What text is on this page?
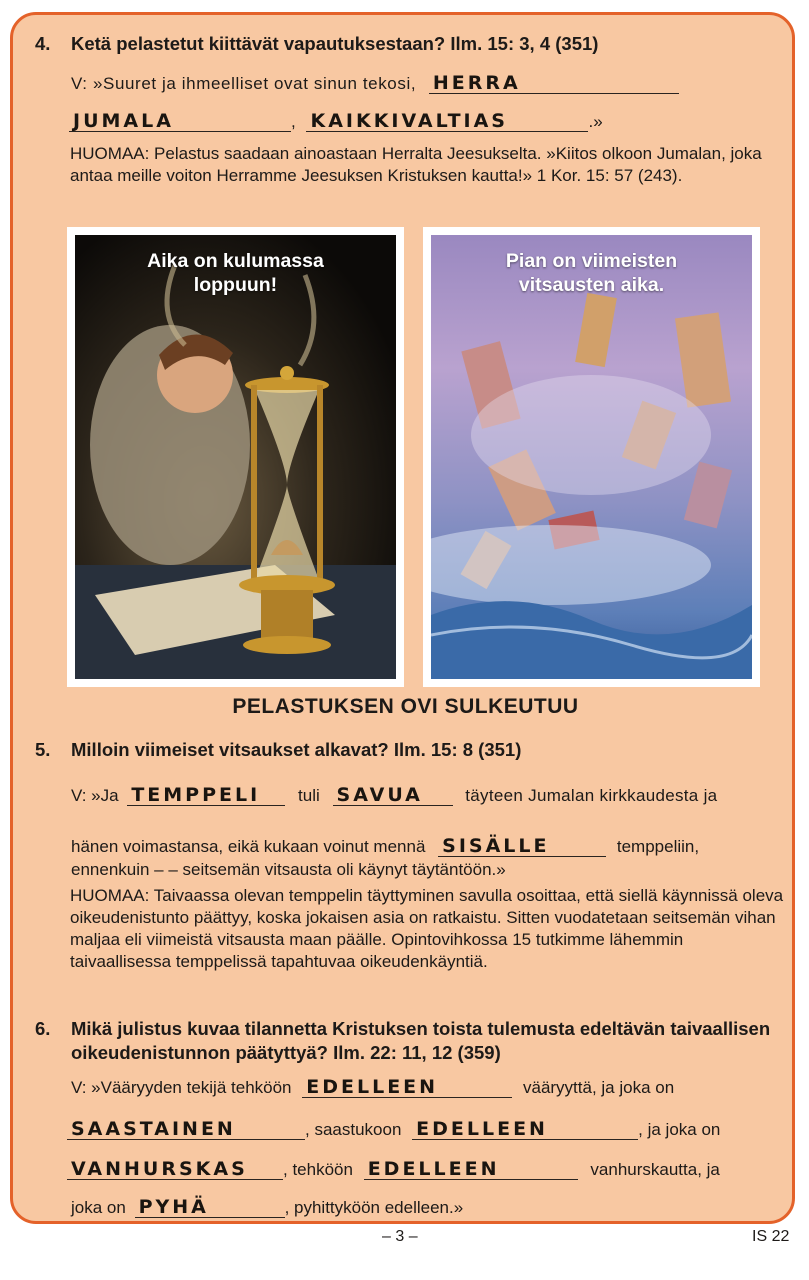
4. Ketä pelastetut kiittävät vapautuksestaan? Ilm. 15: 3, 4 (351)
V: »Suuret ja ihmeelliset ovat sinun tekosi, HERRA
JUMALA	, KAIKKIVALTIAS	.»
HUOMAA: Pelastus saadaan ainoastaan Herralta Jeesukselta. »Kiitos olkoon Jumalan, joka antaa meille voiton Herramme Jeesuksen Kristuksen kautta!» 1 Kor. 15: 57 (243).
Aika on kulumassa loppuun!
Pian on viimeisten vitsausten aika.
PELASTUKSEN OVI SULKEUTUU
5. Milloin viimeiset vitsaukset alkavat? Ilm. 15: 8 (351)
V: »Ja TEMPPELI tuli SAVUA täyteen Jumalan kirkkaudesta ja
hänen voimastansa, eikä kukaan voinut mennä SISÄLLE	temppeliin,
ennenkuin – – seitsemän vitsausta oli käynyt täytäntöön.»
HUOMAA: Taivaassa olevan temppelin täyttyminen savulla osoittaa, että siellä käynnissä oleva oikeudenistunto päättyy, koska jokaisen asia on ratkaistu. Sitten vuodatetaan seitsemän vihan maljaa eli viimeistä vitsausta maan päälle. Opintovihkossa 15 tutkimme lähemmin taivaallisessa temppelissä tapahtuvaa oikeudenkäyntiä.
6. Mikä julistus kuvaa tilannetta Kristuksen toista tulemusta edeltävän taivaallisen oikeudenistunnon päätyttyä? Ilm. 22: 11, 12 (359)
V: »Vääryyden tekijä tehköön EDELLEEN	vääryyttä, ja joka on
SAASTAINEN	, saastukoon EDELLEEN	, ja joka on
VANHURSKAS , tehköön EDELLEEN	vanhurskautta, ja
joka on PYHÄ	, pyhittyköön edelleen.»
– 3 –	IS 22
